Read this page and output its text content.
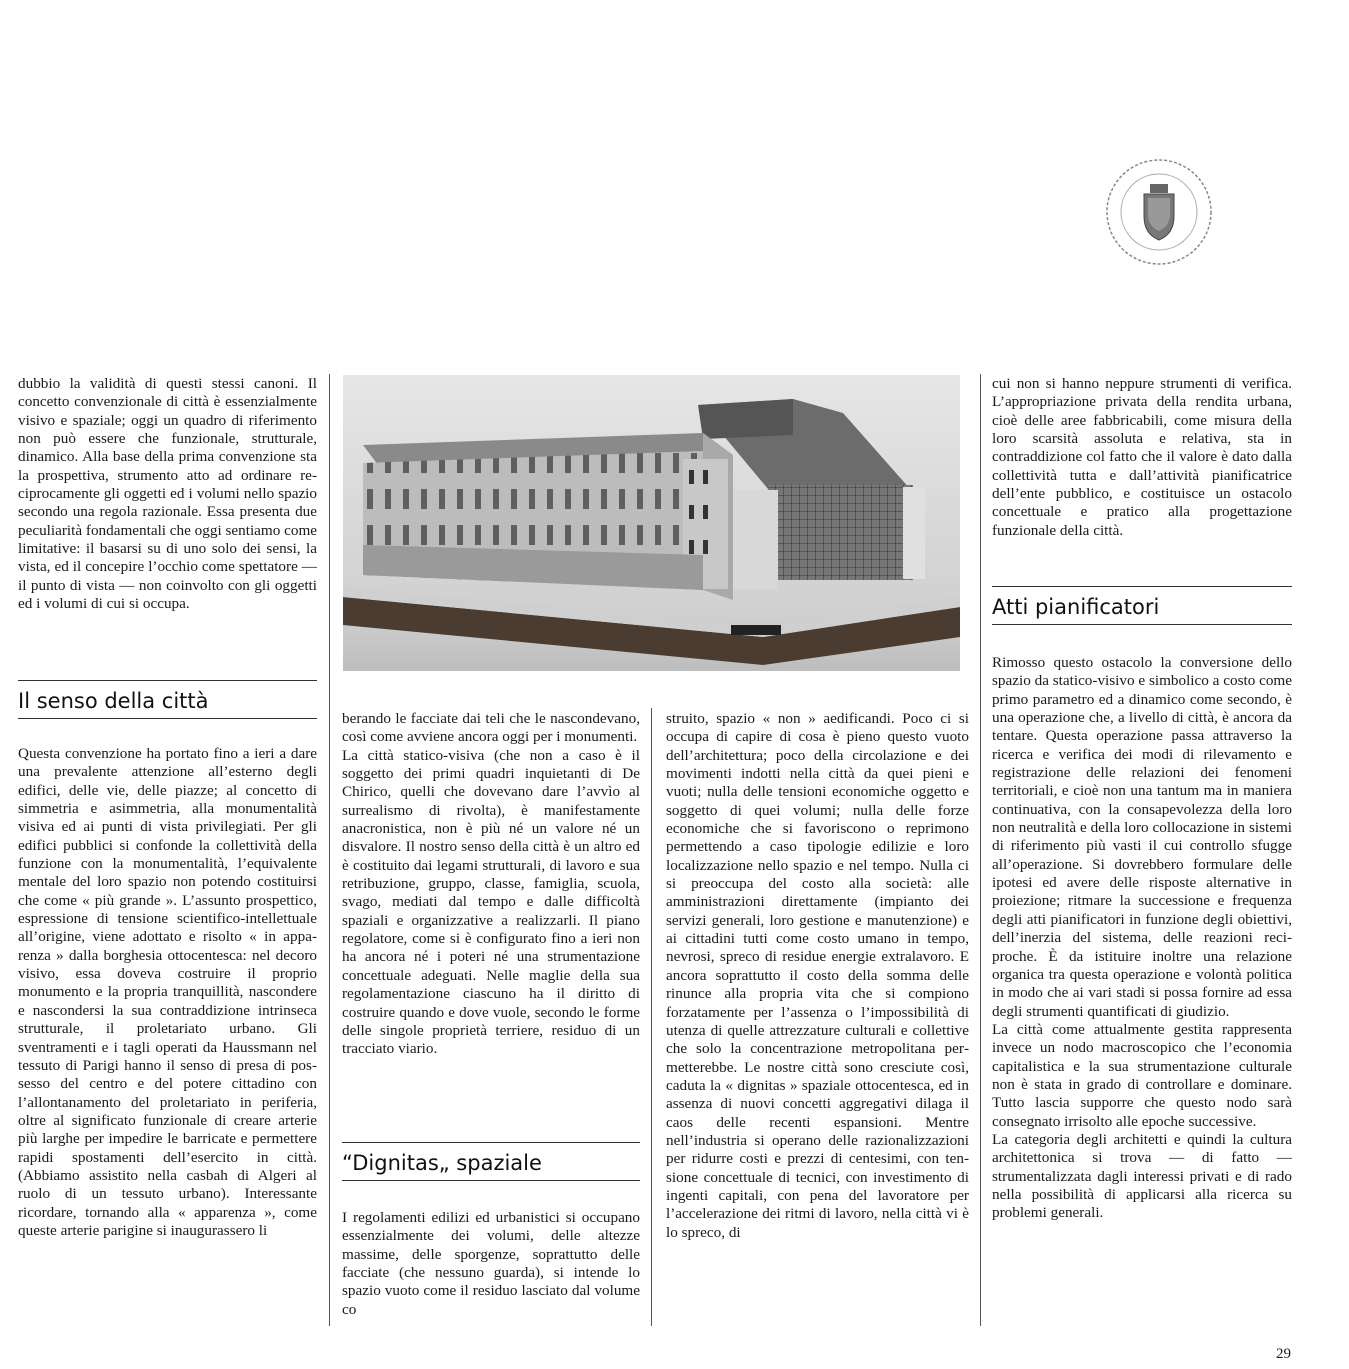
dubbio la validità di questi stessi canoni. Il concetto convenzionale di città è essenzialmente visivo e spaziale; oggi un quadro di riferimento non può essere che funzionale, strutturale, dinamico. Alla base della prima convenzione sta la prospettiva, strumento atto ad ordinare reciprocamente gli oggetti ed i volumi nello spazio secondo una regola razionale. Essa presenta due peculiarità fondamentali che oggi sentiamo come limitative: il basarsi su di uno solo dei sensi, la vista, ed il concepire l’occhio come spettatore — il punto di vista — non coinvolto con gli oggetti ed i volumi di cui si occupa.

Il senso della città

Questa convenzione ha portato fino a ieri a dare una prevalente attenzione all’esterno degli edifici, delle vie, delle piazze; al concetto di simmetria e asimmetria, alla monumentalità visiva ed ai punti di vista privilegiati. Per gli edifici pubblici si confonde la collettività della funzione con la monumentalità, l’equivalente mentale del loro spazio non potendo costituirsi che come « più grande ». L’assunto prospettico, espressione di tensione scientifico-intellettuale all’origine, viene adottato e risolto « in apparenza » dalla borghesia ottocentesca: nel decoro visivo, essa doveva costruire il proprio monumento e la propria tranquillità, nascondere e nascondersi la sua contraddizione intrinseca strutturale, il proletariato urbano. Gli sventramenti e i tagli operati da Haussmann nel tessuto di Parigi hanno il senso di presa di possesso del centro e del potere cittadino con l’allontanamento del proletariato in periferia, oltre al significato funzionale di creare arterie più larghe per impedire le barricate e permettere rapidi spostamenti dell’esercito in città. (Abbiamo assistito nella casbah di Algeri al ruolo di un tessuto urbano). Interessante ricordare, tornando alla « apparenza », come queste arterie parigine si inaugurassero li

berando le facciate dai teli che le nascondevano, così come avviene ancora oggi per i monumenti.

La città statico-visiva (che non a caso è il soggetto dei primi quadri inquietanti di De Chirico, quelli che dovevano dare l’avvìo al surrealismo di rivolta), è manifestamente anacronistica, non è più né un valore né un disvalore. Il nostro senso della città è un altro ed è costituito dai legami strutturali, di lavoro e sua retribuzione, gruppo, classe, famiglia, scuola, svago, mediati dal tempo e dalle difficoltà spaziali e organizzative a realizzarli. Il piano regolatore, come si è configurato fino a ieri non ha ancora né i poteri né una strumentazione concettuale adeguati. Nelle maglie della sua regolamentazione ciascuno ha il diritto di costruire quando e dove vuole, secondo le forme delle singole proprietà terriere, residuo di un tracciato viario.

“Dignitas„ spaziale

I regolamenti edilizi ed urbanistici si occupano essenzialmente dei volumi, delle altezze massime, delle sporgenze, soprattutto delle facciate (che nessuno guarda), si intende lo spazio vuoto come il residuo lasciato dal volume co

struito, spazio « non » aedificandi. Poco ci si occupa di capire di cosa è pieno questo vuoto dell’architettura; poco della circolazione e dei movimenti indotti nella città da quei pieni e vuoti; nulla delle tensioni economiche oggetto e soggetto di quei volumi; nulla delle forze economiche che si favoriscono o reprimono permettendo a caso tipologie edilizie e loro localizzazione nello spazio e nel tempo. Nulla ci si preoccupa del costo alla società: alle amministrazioni direttamente (impianto dei servizi generali, loro gestione e manutenzione) e ai cittadini tutti come costo umano in tempo, nevrosi, spreco di residue energie extralavoro. E ancora soprattutto il costo della somma delle rinunce alla propria vita che si compiono forzatamente per l’assenza o l’impossibilità di utenza di quelle attrezzature culturali e collettive che solo la concentrazione metropolitana permetterebbe. Le nostre città sono cresciute così, caduta la « dignitas » spaziale ottocentesca, ed in assenza di nuovi concetti aggregativi dilaga il caos delle recenti espansioni. Mentre nell’industria si operano delle razionalizzazioni per ridurre costi e prezzi di centesimi, con tensione concettuale di tecnici, con investimento di ingenti capitali, con pena del lavoratore per l’accelerazione dei ritmi di lavoro, nella città vi è lo spreco, di

cui non si hanno neppure strumenti di verifica. L’appropriazione privata della rendita urbana, cioè delle aree fabbricabili, come misura della loro scarsità assoluta e relativa, sta in contraddizione col fatto che il valore è dato dalla collettività tutta e dall’attività pianificatrice dell’ente pubblico, e costituisce un ostacolo concettuale e pratico alla progettazione funzionale della città.

Atti pianificatori

Rimosso questo ostacolo la conversione dello spazio da statico-visivo e simbolico a costo come primo parametro ed a dinamico come secondo, è una operazione che, a livello di città, è ancora da tentare. Questa operazione passa attraverso la ricerca e verifica dei modi di rilevamento e registrazione delle relazioni dei fenomeni territoriali, e cioè non una tantum ma in maniera continuativa, con la consapevolezza della loro non neutralità e della loro collocazione in sistemi di riferimento più vasti il cui controllo sfugge all’operazione. Si dovrebbero formulare delle ipotesi ed avere delle risposte alternative in proiezione; ritmare la successione e frequenza degli atti pianificatori in funzione degli obiettivi, dell’inerzia del sistema, delle reazioni reciproche. È da istituire inoltre una relazione organica tra questa operazione e volontà politica in modo che ai vari stadi si possa fornire ad essa degli strumenti quantificati di giudizio.

La città come attualmente gestita rappresenta invece un nodo macroscopico che l’economia capitalistica e la sua strumentazione culturale non è stata in grado di controllare e dominare. Tutto lascia supporre che questo nodo sarà consegnato irrisolto alle epoche successive.

La categoria degli architetti e quindi la cultura architettonica si trova — di fatto — strumentalizzata dagli interessi privati e di rado nella possibilità di applicarsi alla ricerca su problemi generali.

29
